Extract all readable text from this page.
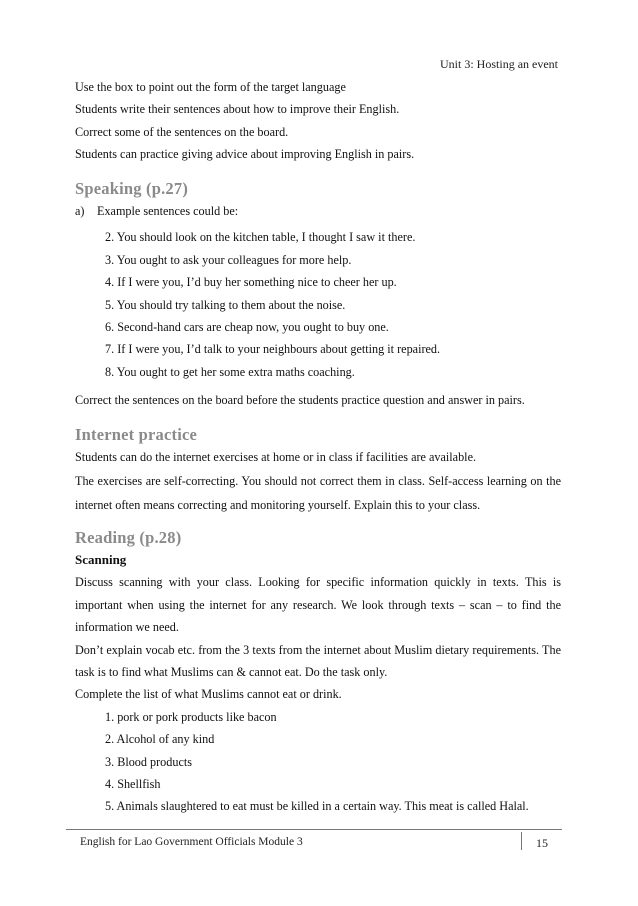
Unit 3: Hosting an event

Use the box to point out the form of the target language

Students write their sentences about how to improve their English.

Correct some of the sentences on the board.

Students can practice giving advice about improving English in pairs.

Speaking (p.27)
a)	Example sentences could be:

2. You should look on the kitchen table, I thought I saw it there.

3. You ought to ask your colleagues for more help.

4. If I were you, I’d buy her something nice to cheer her up.

5. You should try talking to them about the noise.

6. Second-hand cars are cheap now, you ought to buy one.

7. If I were you, I’d talk to your neighbours about getting it repaired.

8. You ought to get her some extra maths coaching.

Correct the sentences on the board before the students practice question and answer in pairs.

Internet practice

Students can do the internet exercises at home or in class if facilities are available.

The exercises are self-correcting. You should not correct them in class. Self-access learning on the internet often means correcting and monitoring yourself. Explain this to your class.

Reading (p.28)
Scanning

Discuss scanning with your class. Looking for specific information quickly in texts. This is important when using the internet for any research. We look through texts – scan – to find the information we need.

Don’t explain vocab etc. from the 3 texts from the internet about Muslim dietary requirements. The task is to find what Muslims can & cannot eat. Do the task only.

Complete the list of what Muslims cannot eat or drink.

1. pork or pork products like bacon

2. Alcohol of any kind

3. Blood products

4. Shellfish

5. Animals slaughtered to eat must be killed in a certain way. This meat is called Halal.

English for Lao Government Officials Module 3	15
